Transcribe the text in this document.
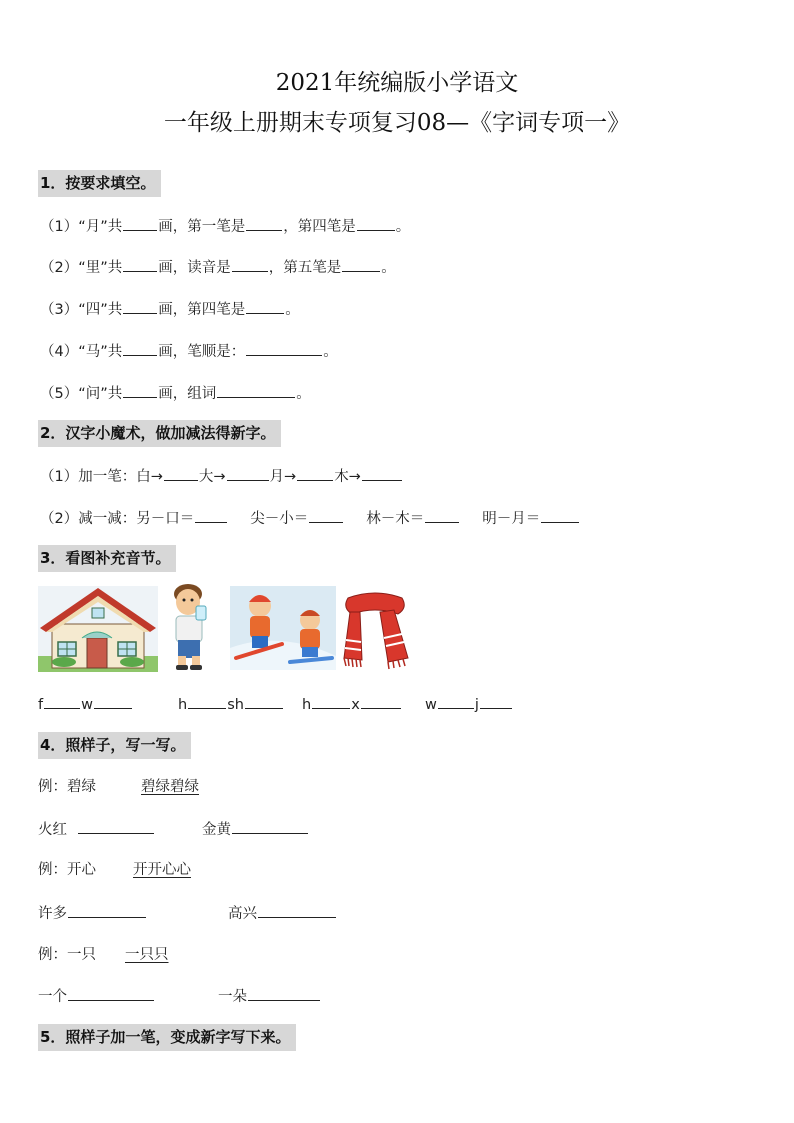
2021年统编版小学语文
一年级上册期末专项复习08—《字词专项一》
1．按要求填空。
（1）“月”共 画，第一笔是	，第四笔是	。
（2）“里”共 画，读音是	，第五笔是	。
（3）“四”共 画，第四笔是	。
（4）“马”共 画，笔顺是：	。
（5）“问”共 画，组词	。
2．汉字小魔术，做加减法得新字。
（1）加一笔：白→ 大→	月→	木→
（2）减一减：另－口＝	尖－小＝	林－木＝	明－月＝
3．看图补充音节。
f	w	h	sh	h	x	w	j
4．照样子，写一写。
例：碧绿	碧绿碧绿
火红	金黄
例：开心	开开心心
许多	高兴
例：一只 一只只
一个	一朵
5．照样子加一笔，变成新字写下来。
